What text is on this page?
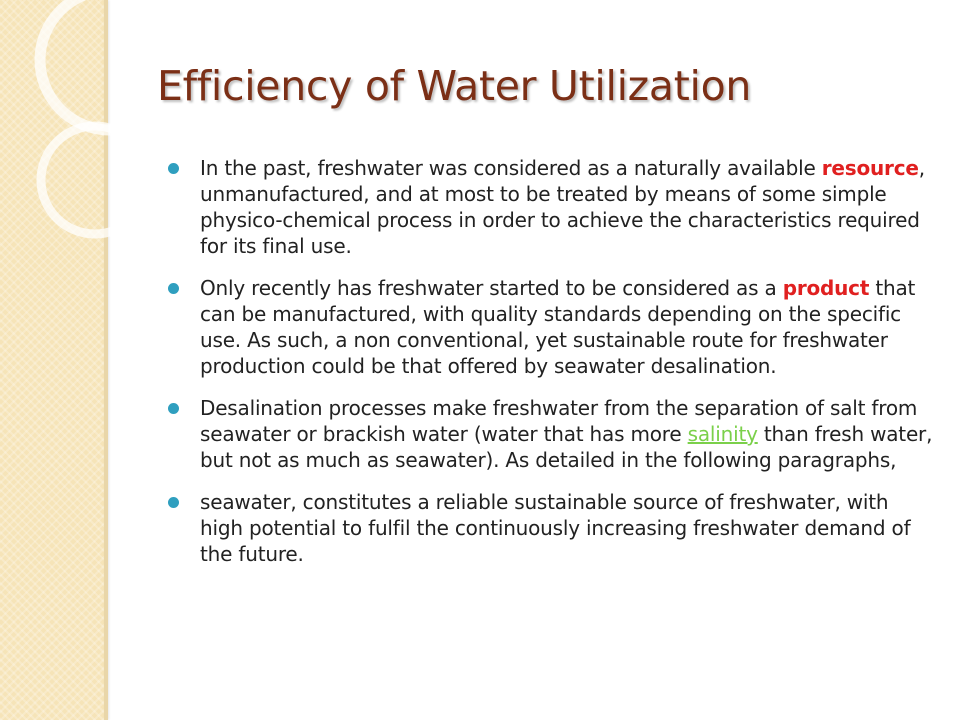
Efficiency of Water Utilization
In the past, freshwater was considered as a naturally available resource, unmanufactured, and at most to be treated by means of some simple physico-chemical process in order to achieve the characteristics required for its final use.
Only recently has freshwater started to be considered as a product that can be manufactured, with quality standards depending on the specific use. As such, a non conventional, yet sustainable route for freshwater production could be that offered by seawater desalination.
Desalination processes make freshwater from the separation of salt from seawater or brackish water (water that has more salinity than fresh water, but not as much as seawater). As detailed in the following paragraphs,
seawater, constitutes a reliable sustainable source of freshwater, with high potential to fulfil the continuously increasing freshwater demand of the future.
